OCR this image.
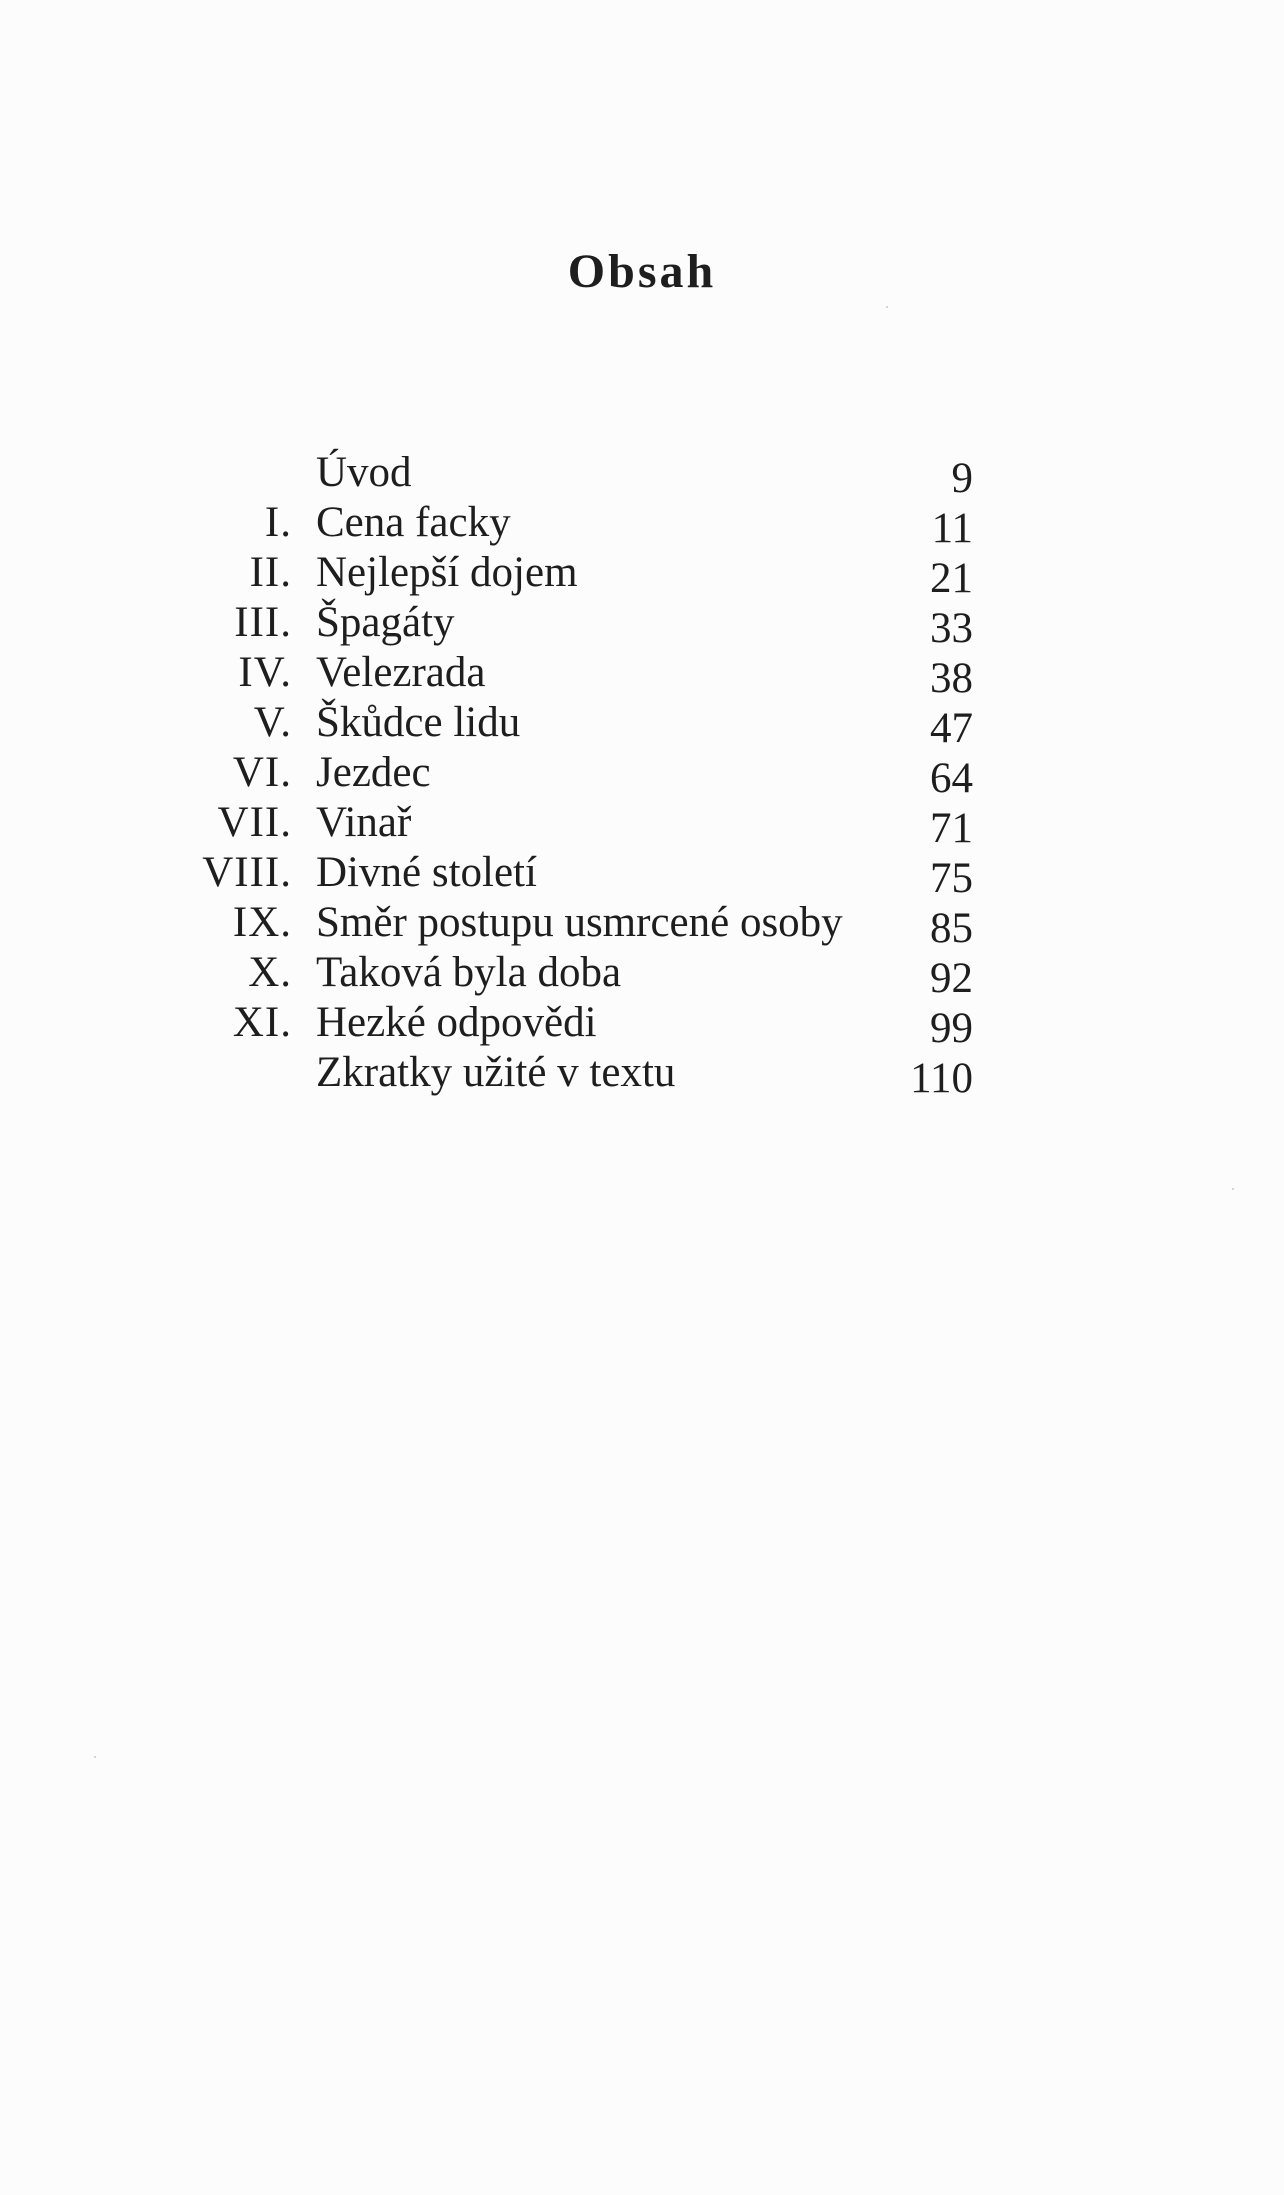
Obsah
Úvod	9
I. Cena facky	11
II. Nejlepší dojem	21
III. Špagáty	33
IV. Velezrada	38
V. Škůdce lidu	47
VI. Jezdec	64
VII. Vinař	71
VIII. Divné století	75
IX. Směr postupu usmrcené osoby 85
X. Taková byla doba	92
XI. Hezké odpovědi	99
Zkratky užité v textu	110
